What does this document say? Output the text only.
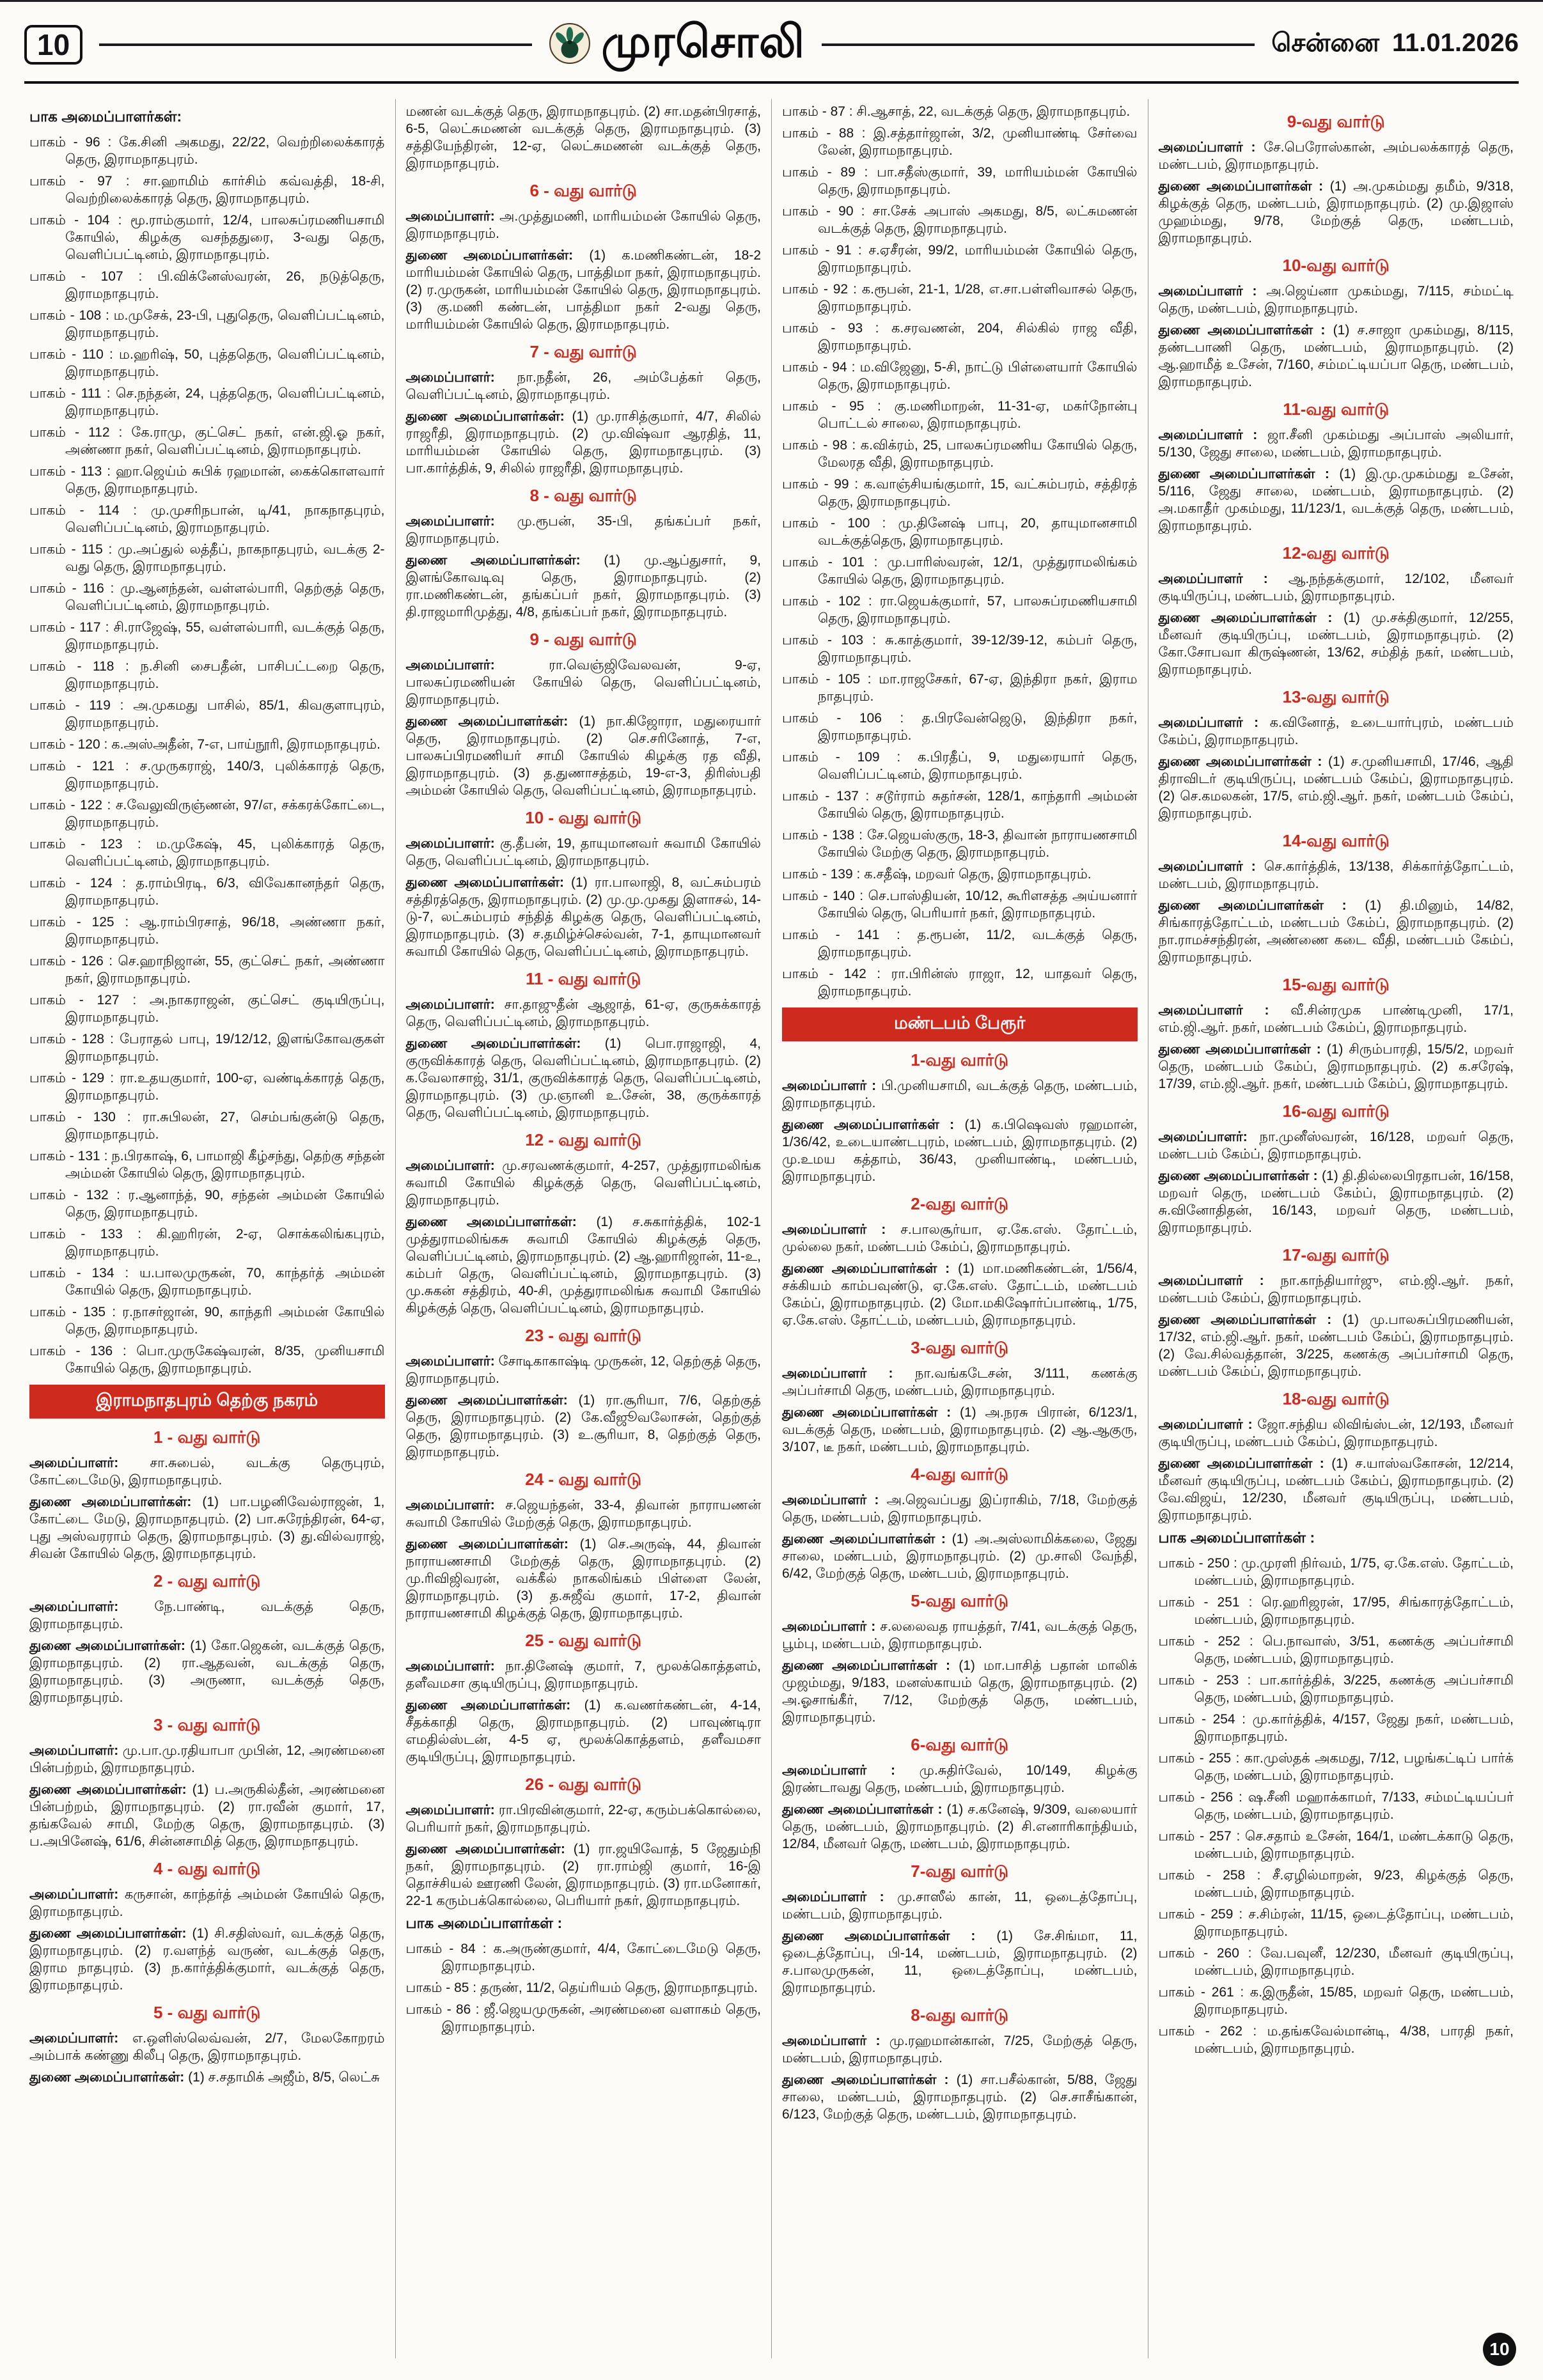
10	முரசொலி	சென்னை 11.01.2026
பாக அமைப்பாளர்கள்:

பாகம் - 96 : கே.சினி அகமது, 22/22, வெற்றிலைக்காரத் தெரு, இராமநாதபுரம்.

பாகம் - 97 : சா.ஹாமிம் கார்சிம் கவ்வத்தி, 18-சி, வெற்றிலைக்காரத் தெரு, இராமநாதபுரம்.

பாகம் - 104 : மூ.ராம்குமார், 12/4, பாலசுப்ரமணியசாமி கோயில், கிழக்கு வசந்ததுரை, 3-வது தெரு, வெளிப்பட்டினம், இராமநாதபுரம்.

பாகம் - 107 : பி.விக்னேஸ்வரன், 26, நடுத்தெரு, இராமநாதபுரம்.

பாகம் - 108 : ம.முசேக், 23-பி, புதுதெரு, வெளிப்பட்டினம், இராமநாதபுரம்.

பாகம் - 110 : ம.ஹரிஷ், 50, புத்ததெரு, வெளிப்பட்டினம், இராமநாதபுரம்.

பாகம் - 111 : செ.நந்தன், 24, புத்ததெரு, வெளிப்பட்டினம், இராமநாதபுரம்.

பாகம் - 112 : கே.ராமு, குட்செட் நகர், என்.ஜி.ஓ நகர், அண்ணா நகர், வெளிப்பட்டினம், இராமநாதபுரம்.

பாகம் - 113 : ஹா.ஜெய்ம் சுபிக் ரஹமான், கைக்கொளவார் தெரு, இராமநாதபுரம்.

பாகம் - 114 : மு.முசரிநபான், டி/41, நாகநாதபுரம், வெளிப்பட்டினம், இராமநாதபுரம்.

பாகம் - 115 : மு.அப்துல் லத்தீப், நாகநாதபுரம், வடக்கு 2-வது தெரு, இராமநாதபுரம்.

பாகம் - 116 : மு.ஆனந்தன், வள்ளல்பாரி, தெற்குத் தெரு, வெளிப்பட்டினம், இராமநாதபுரம்.

பாகம் - 117 : சி.ராஜேஷ், 55, வள்ளல்பாரி, வடக்குத் தெரு, இராமநாதபுரம்.

பாகம் - 118 : ந.சினி சைபதீன், பாசிபட்டறை தெரு, இராமநாதபுரம்.

பாகம் - 119 : அ.முகமது பாசில், 85/1, கிவகுளாபுரம், இராமநாதபுரம்.

பாகம் - 120 : க.அஸ்அதீன், 7-எ, பாய்நூரி, இராமநாதபுரம்.

பாகம் - 121 : ச.முருகராஜ், 140/3, புலிக்காரத் தெரு, இராமநாதபுரம்.

பாகம் - 122 : ச.வேலுவிருஞ்ணன், 97/எ, சக்கரக்கோட்டை, இராமநாதபுரம்.

பாகம் - 123 : ம.முகேஷ், 45, புலிக்காரத் தெரு, வெளிப்பட்டினம், இராமநாதபுரம்.

பாகம் - 124 : த.ராம்பிரடி, 6/3, விவேகானந்தர் தெரு, இராமநாதபுரம்.

பாகம் - 125 : ஆ.ராம்பிரசாத், 96/18, அண்ணா நகர், இராமநாதபுரம்.

பாகம் - 126 : செ.ஹாநிஜான், 55, குட்செட் நகர், அண்ணா நகர், இராமநாதபுரம்.

பாகம் - 127 : அ.நாகராஜன், குட்செட் குடியிருப்பு, இராமநாதபுரம்.

பாகம் - 128 : பேராதல் பாபு, 19/12/12, இளங்கோவகுகள் இராமநாதபுரம்.

பாகம் - 129 : ரா.உதயகுமார், 100-ஏ, வண்டிக்காரத் தெரு, இராமநாதபுரம்.

பாகம் - 130 : ரா.சுபிலன், 27, செம்பங்குன்டு தெரு, இராமநாதபுரம்.

பாகம் - 131 : ந.பிரகாஷ், 6, பாமாஜி கீழ்சந்து, தெற்கு சந்தன் அம்மன் கோயில் தெரு, இராமநாதபுரம்.

பாகம் - 132 : ர.ஆனாந்த், 90, சந்தன் அம்மன் கோயில் தெரு, இராமநாதபுரம்.

பாகம் - 133 : கி.ஹரிரன், 2-ஏ, சொக்கலிங்கபுரம், இராமநாதபுரம்.

பாகம் - 134 : ய.பாலமுருகன், 70, காந்தர்த் அம்மன் கோயில் தெரு, இராமநாதபுரம்.

பாகம் - 135 : ர.நாசர்ஜான், 90, காந்தரி அம்மன் கோயில் தெரு, இராமநாதபுரம்.

பாகம் - 136 : பொ.முருகேஷ்வரன், 8/35, முனியசாமி கோயில் தெரு, இராமநாதபுரம்.

இராமநாதபுரம் தெற்கு நகரம்
1 - வது வார்டு

அமைப்பாளர்: சா.சுபைல், வடக்கு தெருபுரம், கோட்டைமேடு, இராமநாதபுரம்.

துணை அமைப்பாளர்கள்: (1) பா.பழனிவேல்ராஜன், 1, கோட்டை மேடு, இராமநாதபுரம். (2) பா.சுரேந்திரன், 64-ஏ, புது அஸ்வரராம் தெரு, இராமநாதபுரம். (3) து.வில்வராஜ், சிவன் கோயில் தெரு, இராமநாதபுரம்.

2 - வது வார்டு

அமைப்பாளர்: நே.பாண்டி, வடக்குத் தெரு, இராமநாதபுரம்.

துணை அமைப்பாளர்கள்: (1) கோ.ஜெகன், வடக்குத் தெரு, இராமநாதபுரம். (2) ரா.ஆதவன், வடக்குத் தெரு, இராமநாதபுரம். (3) அருணா, வடக்குத் தெரு, இராமநாதபுரம்.

3 - வது வார்டு

அமைப்பாளர்: மு.பா.மு.ரதியாபா முபின், 12, அரண்மனை பின்பற்றம், இராமநாதபுரம்.

துணை அமைப்பாளர்கள்: (1) ப.அருகில்தீன், அரண்மனை பின்பற்றம், இராமநாதபுரம். (2) ரா.ரவீன் குமார், 17, தங்கவேல் சாமி, மேற்கு தெரு, இராமநாதபுரம். (3) ப.அபினேஷ், 61/6, சின்னசாமித் தெரு, இராமநாதபுரம்.

4 - வது வார்டு

அமைப்பாளர்: கருசான், காந்தர்த் அம்மன் கோயில் தெரு, இராமநாதபுரம்.

துணை அமைப்பாளர்கள்: (1) சி.சதிஸ்வர், வடக்குத் தெரு, இராமநாதபுரம். (2) ர.வளந்த் வருண், வடக்குத் தெரு, இராம நாதபுரம். (3) ந.கார்த்திக்குமார், வடக்குத் தெரு, இராமநாதபுரம்.

5 - வது வார்டு

அமைப்பாளர்: எ.ஒளிஸ்லெவ்வன், 2/7, மேலகோறரம் அம்பாக் கண்ணு கிலீபு தெரு, இராமநாதபுரம்.

துணை அமைப்பாளர்கள்: (1) ச.சதாமிக் அஜீம், 8/5, லெட்சு

மணன் வடக்குத் தெரு, இராமநாதபுரம். (2) சா.மதன்பிரசாத், 6-5, லெட்சுமணன் வடக்குத் தெரு, இராமநாதபுரம். (3) சத்தியேந்திரன், 12-ஏ, லெட்சுமணன் வடக்குத் தெரு, இராமநாதபுரம்.

6 - வது வார்டு

அமைப்பாளர்: அ.முத்துமணி, மாரியம்மன் கோயில் தெரு, இராமநாதபுரம்.

துணை அமைப்பாளர்கள்: (1) க.மணிகண்டன், 18-2 மாரியம்மன் கோயில் தெரு, பாத்திமா நகர், இராமநாதபுரம். (2) ர.முருகன், மாரியம்மன் கோயில் தெரு, இராமநாதபுரம். (3) கு.மணி கண்டன், பாத்திமா நகர் 2-வது தெரு, மாரியம்மன் கோயில் தெரு, இராமநாதபுரம்.

7 - வது வார்டு

அமைப்பாளர்: நா.நதீன், 26, அம்பேத்கர் தெரு, வெளிப்பட்டினம், இராமநாதபுரம்.

துணை அமைப்பாளர்கள்: (1) மு.ராசித்குமார், 4/7, சிலில் ராஜரீதி, இராமநாதபுரம். (2) மு.விஷ்வா ஆரதித், 11, மாரியம்மன் கோயில் தெரு, இராமநாதபுரம். (3) பா.கார்த்திக், 9, சிலில் ராஜரீதி, இராமநாதபுரம்.

8 - வது வார்டு

அமைப்பாளர்: மு.ரூபன், 35-பி, தங்கப்பர் நகர், இராமநாதபுரம்.

துணை அமைப்பாளர்கள்: (1) மு.ஆப்துசார், 9, இளங்கோவடிவு தெரு, இராமநாதபுரம். (2) ரா.மணிகண்டன், தங்கப்பர் நகர், இராமநாதபுரம். (3) தி.ராஜமாரிமுத்து, 4/8, தங்கப்பர் நகர், இராமநாதபுரம்.

9 - வது வார்டு

அமைப்பாளர்: ரா.வெஞ்ஜிவேலவன், 9-ஏ, பாலசுப்ரமணியன் கோயில் தெரு, வெளிப்பட்டினம், இராமநாதபுரம்.

துணை அமைப்பாளர்கள்: (1) நா.கிஜோரா, மதுரையார் தெரு, இராமநாதபுரம். (2) செ.சரினோத், 7-எ, பாலசுப்பிரமணியர் சாமி கோயில் கிழக்கு ரத வீதி, இராமநாதபுரம். (3) த.துணாசத்தம், 19-எ-3, திரிஸ்பதி அம்மன் கோயில் தெரு, வெளிப்பட்டினம், இராமநாதபுரம்.

10 - வது வார்டு

அமைப்பாளர்: கு.தீபன், 19, தாயுமானவர் சுவாமி கோயில் தெரு, வெளிப்பட்டினம், இராமநாதபுரம்.

துணை அமைப்பாளர்கள்: (1) ரா.பாலாஜி, 8, வட்சும்பரம் சத்திரத்தெரு, இராமநாதபுரம். (2) மு.மு.முகது இளாசல், 14-டு-7, லட்சும்பரம் சந்தித் கிழக்கு தெரு, வெளிப்பட்டினம், இராமநாதபுரம். (3) ச.தமிழ்ச்செல்வன், 7-1, தாயுமானவர் சுவாமி கோயில் தெரு, வெளிப்பட்டினம், இராமநாதபுரம்.

11 - வது வார்டு

அமைப்பாளர்: சா.தாஜுதீன் ஆஜாத், 61-ஏ, குருசுக்காரத் தெரு, வெளிப்பட்டினம், இராமநாதபுரம்.

துணை அமைப்பாளர்கள்: (1) பொ.ராஜாஜி, 4, குருவிக்காரத் தெரு, வெளிப்பட்டினம், இராமநாதபுரம். (2) க.வேலாசாஜ், 31/1, குருவிக்காரத் தெரு, வெளிப்பட்டினம், இராமநாதபுரம். (3) மு.ஞானி உ.சேன், 38, குருக்காரத் தெரு, வெளிப்பட்டினம், இராமநாதபுரம்.

12 - வது வார்டு

அமைப்பாளர்: மு.சரவணக்குமார், 4-257, முத்துராமலிங்க சுவாமி கோயில் கிழக்குத் தெரு, வெளிப்பட்டினம், இராமநாதபுரம்.

துணை அமைப்பாளர்கள்: (1) ச.சுகார்த்திக், 102-1 முத்துராமலிங்கசு சுவாமி கோயில் கிழக்குத் தெரு, வெளிப்பட்டினம், இராமநாதபுரம். (2) ஆ.ஹாரிஜான், 11-உ, கம்பர் தெரு, வெளிப்பட்டினம், இராமநாதபுரம். (3) மு.சுகன் சத்திரம், 40-சி, முத்துராமலிங்க சுவாமி கோயில் கிழக்குத் தெரு, வெளிப்பட்டினம், இராமநாதபுரம்.

23 - வது வார்டு

அமைப்பாளர்: சோடிகாகாஷ்டி முருகன், 12, தெற்குத் தெரு, இராமநாதபுரம்.

துணை அமைப்பாளர்கள்: (1) ரா.சூரியா, 7/6, தெற்குத் தெரு, இராமநாதபுரம். (2) கே.வீஜூவலோசன், தெற்குத் தெரு, இராமநாதபுரம். (3) உ.சூரியா, 8, தெற்குத் தெரு, இராமநாதபுரம்.

24 - வது வார்டு

அமைப்பாளர்: ச.ஜெயந்தன், 33-4, திவான் நாராயணன் சுவாமி கோயில் மேற்குத் தெரு, இராமநாதபுரம்.

துணை அமைப்பாளர்கள்: (1) செ.அருஷ், 44, திவான் நாராயணசாமி மேற்குத் தெரு, இராமநாதபுரம். (2) மு.ரிவிஜிவரன், வக்கீல் நாகலிங்கம் பிள்ளை லேன், இராமநாதபுரம். (3) த.சுஜீவ் குமார், 17-2, திவான் நாராயணசாமி கிழக்குத் தெரு, இராமநாதபுரம்.

25 - வது வார்டு

அமைப்பாளர்: நா.தினேஷ் குமார், 7, மூலக்கொத்தளம், தளீவமசா குடியிருப்பு, இராமநாதபுரம்.

துணை அமைப்பாளர்கள்: (1) க.வணர்கண்டன், 4-14, சீதக்காதி தெரு, இராமநாதபுரம். (2) பாவுண்டிரா எமதில்ஸ்டன், 4-5 ஏ, மூலக்கொத்தளம், தளீவமசா குடியிருப்பு, இராமநாதபுரம்.

26 - வது வார்டு

அமைப்பாளர்: ரா.பிரவின்குமார், 22-ஏ, கரும்பக்கொல்லை, பெரியார் நகர், இராமநாதபுரம்.

துணை அமைப்பாளர்கள்: (1) ரா.ஜயிவோத், 5 ஜேதும்நி நகர், இராமநாதபுரம். (2) ரா.ராம்ஜி குமார், 16-இ தொச்சியல் ஊரணி லேன், இராமநாதபுரம். (3) ரா.மனோகர், 22-1 கரும்பக்கொல்லை, பெரியார் நகர், இராமநாதபுரம்.

பாக அமைப்பாளர்கள் :

பாகம் - 84 : க.அருண்குமார், 4/4, கோட்டைமேடு தெரு, இராமநாதபுரம்.

பாகம் - 85 : தருண், 11/2, தெய்ரியம் தெரு, இராமநாதபுரம்.

பாகம் - 86 : ஜீ.ஜெயமுருகன், அரண்மனை வளாகம் தெரு, இராமநாதபுரம்.

பாகம் - 87 : சி.ஆசாத், 22, வடக்குத் தெரு, இராமநாதபுரம்.

பாகம் - 88 : இ.சத்தார்ஜான், 3/2, முனியாண்டி சேர்வை லேன், இராமநாதபுரம்.

பாகம் - 89 : பா.சதீஸ்குமார், 39, மாரியம்மன் கோயில் தெரு, இராமநாதபுரம்.

பாகம் - 90 : சா.சேக் அபாஸ் அகமது, 8/5, லட்சுமணன் வடக்குத் தெரு, இராமநாதபுரம்.

பாகம் - 91 : ச.ஏசீரன், 99/2, மாரியம்மன் கோயில் தெரு, இராமநாதபுரம்.

பாகம் - 92 : க.ரூபன், 21-1, 1/28, எ.சா.பள்ளிவாசல் தெரு, இராமநாதபுரம்.

பாகம் - 93 : க.சரவணன், 204, சில்கில் ராஜ வீதி, இராமநாதபுரம்.

பாகம் - 94 : ம.விஜேனு, 5-சி, நாட்டு பிள்ளையார் கோயில் தெரு, இராமநாதபுரம்.

பாகம் - 95 : கு.மணிமாறன், 11-31-ஏ, மகர்நோன்பு பொட்டல் சாலை, இராமநாதபுரம்.

பாகம் - 98 : க.விக்ரம், 25, பாலசுப்ரமணிய கோயில் தெரு, மேலரத வீதி, இராமநாதபுரம்.

பாகம் - 99 : க.வாஞ்சியங்குமார், 15, வட்சும்பரம், சத்திரத் தெரு, இராமநாதபுரம்.

பாகம் - 100 : மு.தினேஷ் பாபு, 20, தாயுமானசாமி வடக்குத்தெரு, இராமநாதபுரம்.

பாகம் - 101 : மு.பாரிஸ்வரன், 12/1, முத்துராமலிங்கம் கோயில் தெரு, இராமநாதபுரம்.

பாகம் - 102 : ரா.ஜெயக்குமார், 57, பாலசுப்ரமணியசாமி தெரு, இராமநாதபுரம்.

பாகம் - 103 : சு.காத்குமார், 39-12/39-12, கம்பர் தெரு, இராமநாதபுரம்.

பாகம் - 105 : மா.ராஜசேகர், 67-ஏ, இந்திரா நகர், இராம நாதபுரம்.

பாகம் - 106 : த.பிரவேன்ஜெடு, இந்திரா நகர், இராமநாதபுரம்.

பாகம் - 109 : க.பிரதீப், 9, மதுரையார் தெரு, வெளிப்பட்டினம், இராமநாதபுரம்.

பாகம் - 137 : சடூர்ராம் சுதர்சன், 128/1, காந்தாரி அம்மன் கோயில் தெரு, இராமநாதபுரம்.

பாகம் - 138 : சே.ஜெயஸ்குரு, 18-3, திவான் நாராயணசாமி கோயில் மேற்கு தெரு, இராமநாதபுரம்.

பாகம் - 139 : க.சதீஷ், மறவர் தெரு, இராமநாதபுரம்.

பாகம் - 140 : செ.பாஸ்தியன், 10/12, கூரிளசத்த அய்யனார் கோயில் தெரு, பெரியார் நகர், இராமநாதபுரம்.

பாகம் - 141 : த.ரூபன், 11/2, வடக்குத் தெரு, இராமநாதபுரம்.

பாகம் - 142 : ரா.பிரின்ஸ் ராஜா, 12, யாதவர் தெரு, இராமநாதபுரம்.

மண்டபம் பேரூர்
1-வது வார்டு

அமைப்பாளர் : பி.முனியசாமி, வடக்குத் தெரு, மண்டபம், இராமநாதபுரம்.

துணை அமைப்பாளர்கள் : (1) க.பிஷெவஸ் ரஹமான், 1/36/42, உடையாண்டபுரம், மண்டபம், இராமநாதபுரம். (2) மு.உமய கத்தாம், 36/43, முனியாண்டி, மண்டபம், இராமநாதபுரம்.

2-வது வார்டு

அமைப்பாளர் : ச.பாலசூர்யா, ஏ.கே.எஸ். தோட்டம், முல்லை நகர், மண்டபம் கேம்ப், இராமநாதபுரம்.

துணை அமைப்பாளர்கள் : (1) மா.மணிகண்டன், 1/56/4, சக்கியம் காம்பவுண்டு, ஏ.கே.எஸ். தோட்டம், மண்டபம் கேம்ப், இராமநாதபுரம். (2) மோ.மகிஷோர்ப்பாண்டி, 1/75, ஏ.கே.எஸ். தோட்டம், மண்டபம், இராமநாதபுரம்.

3-வது வார்டு

அமைப்பாளர் : நா.வங்கடேசன், 3/111, கணக்கு அப்பர்சாமி தெரு, மண்டபம், இராமநாதபுரம்.

துணை அமைப்பாளர்கள் : (1) அ.நரசு பிரான், 6/123/1, வடக்குத் தெரு, மண்டபம், இராமநாதபுரம். (2) ஆ.ஆகுரு, 3/107, டீ நகர், மண்டபம், இராமநாதபுரம்.

4-வது வார்டு

அமைப்பாளர் : அ.ஜெவப்பது இப்ராகிம், 7/18, மேற்குத் தெரு, மண்டபம், இராமநாதபுரம்.

துணை அமைப்பாளர்கள் : (1) அ.அஸ்லாமிக்கலை, ஜேது சாலை, மண்டபம், இராமநாதபுரம். (2) மு.சாலி வேந்தி, 6/42, மேற்குத் தெரு, மண்டபம், இராமநாதபுரம்.

5-வது வார்டு

அமைப்பாளர் : ச.லலைவத ராயத்தர், 7/41, வடக்குத் தெரு, பூம்பு, மண்டபம், இராமநாதபுரம்.

துணை அமைப்பாளர்கள் : (1) மா.பாசித் பதான் மாலிக் முஜம்மது, 9/183, மனஸ்காயம் தெரு, இராமநாதபுரம். (2) அ.ஓசாங்கீர், 7/12, மேற்குத் தெரு, மண்டபம், இராமநாதபுரம்.

6-வது வார்டு

அமைப்பாளர் : மு.சுதிர்வேல், 10/149, கிழக்கு இரண்டாவது தெரு, மண்டபம், இராமநாதபுரம்.

துணை அமைப்பாளர்கள் : (1) ச.கனேஷ், 9/309, வலையார் தெரு, மண்டபம், இராமநாதபுரம். (2) சி.எனாரிகாந்தியம், 12/84, மீனவர் தெரு, மண்டபம், இராமநாதபுரம்.

7-வது வார்டு

அமைப்பாளர் : மு.சாஸீல் கான், 11, ஒடைத்தோப்பு, மண்டபம், இராமநாதபுரம்.

துணை அமைப்பாளர்கள் : (1) சே.சிங்மா, 11, ஒடைத்தோப்பு, பி-14, மண்டபம், இராமநாதபுரம். (2) ச.பாலமுருகன், 11, ஒடைத்தோப்பு, மண்டபம், இராமநாதபுரம்.

8-வது வார்டு

அமைப்பாளர் : மு.ரஹமான்கான், 7/25, மேற்குத் தெரு, மண்டபம், இராமநாதபுரம்.

துணை அமைப்பாளர்கள் : (1) சா.பசீல்கான், 5/88, ஜேது சாலை, மண்டபம், இராமநாதபுரம். (2) செ.சாசீங்கான், 6/123, மேற்குத் தெரு, மண்டபம், இராமநாதபுரம்.

9-வது வார்டு

அமைப்பாளர் : சே.பெரோஸ்கான், அம்பலக்காரத் தெரு, மண்டபம், இராமநாதபுரம்.

துணை அமைப்பாளர்கள் : (1) அ.முகம்மது தமீம், 9/318, கிழக்குத் தெரு, மண்டபம், இராமநாதபுரம். (2) மு.இஜாஸ் முஹம்மது, 9/78, மேற்குத் தெரு, மண்டபம், இராமநாதபுரம்.

10-வது வார்டு

அமைப்பாளர் : அ.ஜெய்னா முகம்மது, 7/115, சம்மட்டி தெரு, மண்டபம், இராமநாதபுரம்.

துணை அமைப்பாளர்கள் : (1) ச.சாஜா முகம்மது, 8/115, தண்டபாணி தெரு, மண்டபம், இராமநாதபுரம். (2) ஆ.ஹாமீத் உசேன், 7/160, சம்மட்டியப்பா தெரு, மண்டபம், இராமநாதபுரம்.

11-வது வார்டு

அமைப்பாளர் : ஜா.சீனி முகம்மது அப்பாஸ் அலியார், 5/130, ஜேது சாலை, மண்டபம், இராமநாதபுரம்.

துணை அமைப்பாளர்கள் : (1) இ.மு.முகம்மது உசேன், 5/116, ஜேது சாலை, மண்டபம், இராமநாதபுரம். (2) அ.மகாதீர் முகம்மது, 11/123/1, வடக்குத் தெரு, மண்டபம், இராமநாதபுரம்.

12-வது வார்டு

அமைப்பாளர் : ஆ.நந்தக்குமார், 12/102, மீனவர் குடியிருப்பு, மண்டபம், இராமநாதபுரம்.

துணை அமைப்பாளர்கள் : (1) மு.சக்திகுமார், 12/255, மீனவர் குடியிருப்பு, மண்டபம், இராமநாதபுரம். (2) கோ.சோபவா கிருஷ்ணன், 13/62, சம்தித் நகர், மண்டபம், இராமநாதபுரம்.

13-வது வார்டு

அமைப்பாளர் : க.வினோத், உடையார்புரம், மண்டபம் கேம்ப், இராமநாதபுரம்.

துணை அமைப்பாளர்கள் : (1) ச.முனியசாமி, 17/46, ஆதி திராவிடர் குடியிருப்பு, மண்டபம் கேம்ப், இராமநாதபுரம். (2) செ.கமலகன், 17/5, எம்.ஜி.ஆர். நகர், மண்டபம் கேம்ப், இராமநாதபுரம்.

14-வது வார்டு

அமைப்பாளர் : செ.கார்த்திக், 13/138, சிக்கார்த்தோட்டம், மண்டபம், இராமநாதபுரம்.

துணை அமைப்பாளர்கள் : (1) தி.மினும், 14/82, சிங்காரத்தோட்டம், மண்டபம் கேம்ப், இராமநாதபுரம். (2) நா.ராமச்சந்திரன், அண்ணை கடை வீதி, மண்டபம் கேம்ப், இராமநாதபுரம்.

15-வது வார்டு

அமைப்பாளர் : வீ.சின்ரமுக பாண்டிமுனி, 17/1, எம்.ஜி.ஆர். நகர், மண்டபம் கேம்ப், இராமநாதபுரம்.

துணை அமைப்பாளர்கள் : (1) சிரும்பாரதி, 15/5/2, மறவர் தெரு, மண்டபம் கேம்ப், இராமநாதபுரம். (2) க.சரேஷ், 17/39, எம்.ஜி.ஆர். நகர், மண்டபம் கேம்ப், இராமநாதபுரம்.

16-வது வார்டு

அமைப்பாளர்: நா.முனீஸ்வரன், 16/128, மறவர் தெரு, மண்டபம் கேம்ப், இராமநாதபுரம்.

துணை அமைப்பாளர்கள் : (1) தி.தில்லைபிரதாபன், 16/158, மறவர் தெரு, மண்டபம் கேம்ப், இராமநாதபுரம். (2) சு.வினோதிதன், 16/143, மறவர் தெரு, மண்டபம், இராமநாதபுரம்.

17-வது வார்டு

அமைப்பாளர் : நா.காந்தியார்ஜு, எம்.ஜி.ஆர். நகர், மண்டபம் கேம்ப், இராமநாதபுரம்.

துணை அமைப்பாளர்கள் : (1) மு.பாலசுப்பிரமணியன், 17/32, எம்.ஜி.ஆர். நகர், மண்டபம் கேம்ப், இராமநாதபுரம். (2) வே.சில்வத்தான், 3/225, கணக்கு அப்பர்சாமி தெரு, மண்டபம் கேம்ப், இராமநாதபுரம்.

18-வது வார்டு

அமைப்பாளர் : ஜோ.சந்திய லிவிங்ஸ்டன், 12/193, மீனவர் குடியிருப்பு, மண்டபம் கேம்ப், இராமநாதபுரம்.

துணை அமைப்பாளர்கள் : (1) ச.யாஸ்வகோசன், 12/214, மீனவர் குடியிருப்பு, மண்டபம் கேம்ப், இராமநாதபுரம். (2) வே.விஜய், 12/230, மீனவர் குடியிருப்பு, மண்டபம், இராமநாதபுரம்.

பாக அமைப்பாளர்கள் :

பாகம் - 250 : மு.முரளி நிர்வம், 1/75, ஏ.கே.எஸ். தோட்டம், மண்டபம், இராமநாதபுரம்.

பாகம் - 251 : ரெ.ஹரிஜரன், 17/95, சிங்காரத்தோட்டம், மண்டபம், இராமநாதபுரம்.

பாகம் - 252 : பெ.நாவாஸ், 3/51, கணக்கு அப்பர்சாமி தெரு, மண்டபம், இராமநாதபுரம்.

பாகம் - 253 : பா.கார்த்திக், 3/225, கணக்கு அப்பர்சாமி தெரு, மண்டபம், இராமநாதபுரம்.

பாகம் - 254 : மு.கார்த்திக், 4/157, ஜேது நகர், மண்டபம், இராமநாதபுரம்.

பாகம் - 255 : கா.முஸ்தக் அகமது, 7/12, பழங்கட்டிப் பார்க் தெரு, மண்டபம், இராமநாதபுரம்.

பாகம் - 256 : ஷ.சீனி மஹாக்காமர், 7/133, சம்மட்டியப்பர் தெரு, மண்டபம், இராமநாதபுரம்.

பாகம் - 257 : செ.சதாம் உசேன், 164/1, மண்டக்காடு தெரு, மண்டபம், இராமநாதபுரம்.

பாகம் - 258 : சீ.ஏழில்மாறன், 9/23, கிழக்குத் தெரு, மண்டபம், இராமநாதபுரம்.

பாகம் - 259 : ச.சிம்ரன், 11/15, ஒடைத்தோப்பு, மண்டபம், இராமநாதபுரம்.

பாகம் - 260 : வே.பவுனீ, 12/230, மீனவர் குடியிருப்பு, மண்டபம், இராமநாதபுரம்.

பாகம் - 261 : க.இருதீன், 15/85, மறவர் தெரு, மண்டபம், இராமநாதபுரம்.

பாகம் - 262 : ம.தங்கவேல்மான்டி, 4/38, பாரதி நகர், மண்டபம், இராமநாதபுரம்.

10
